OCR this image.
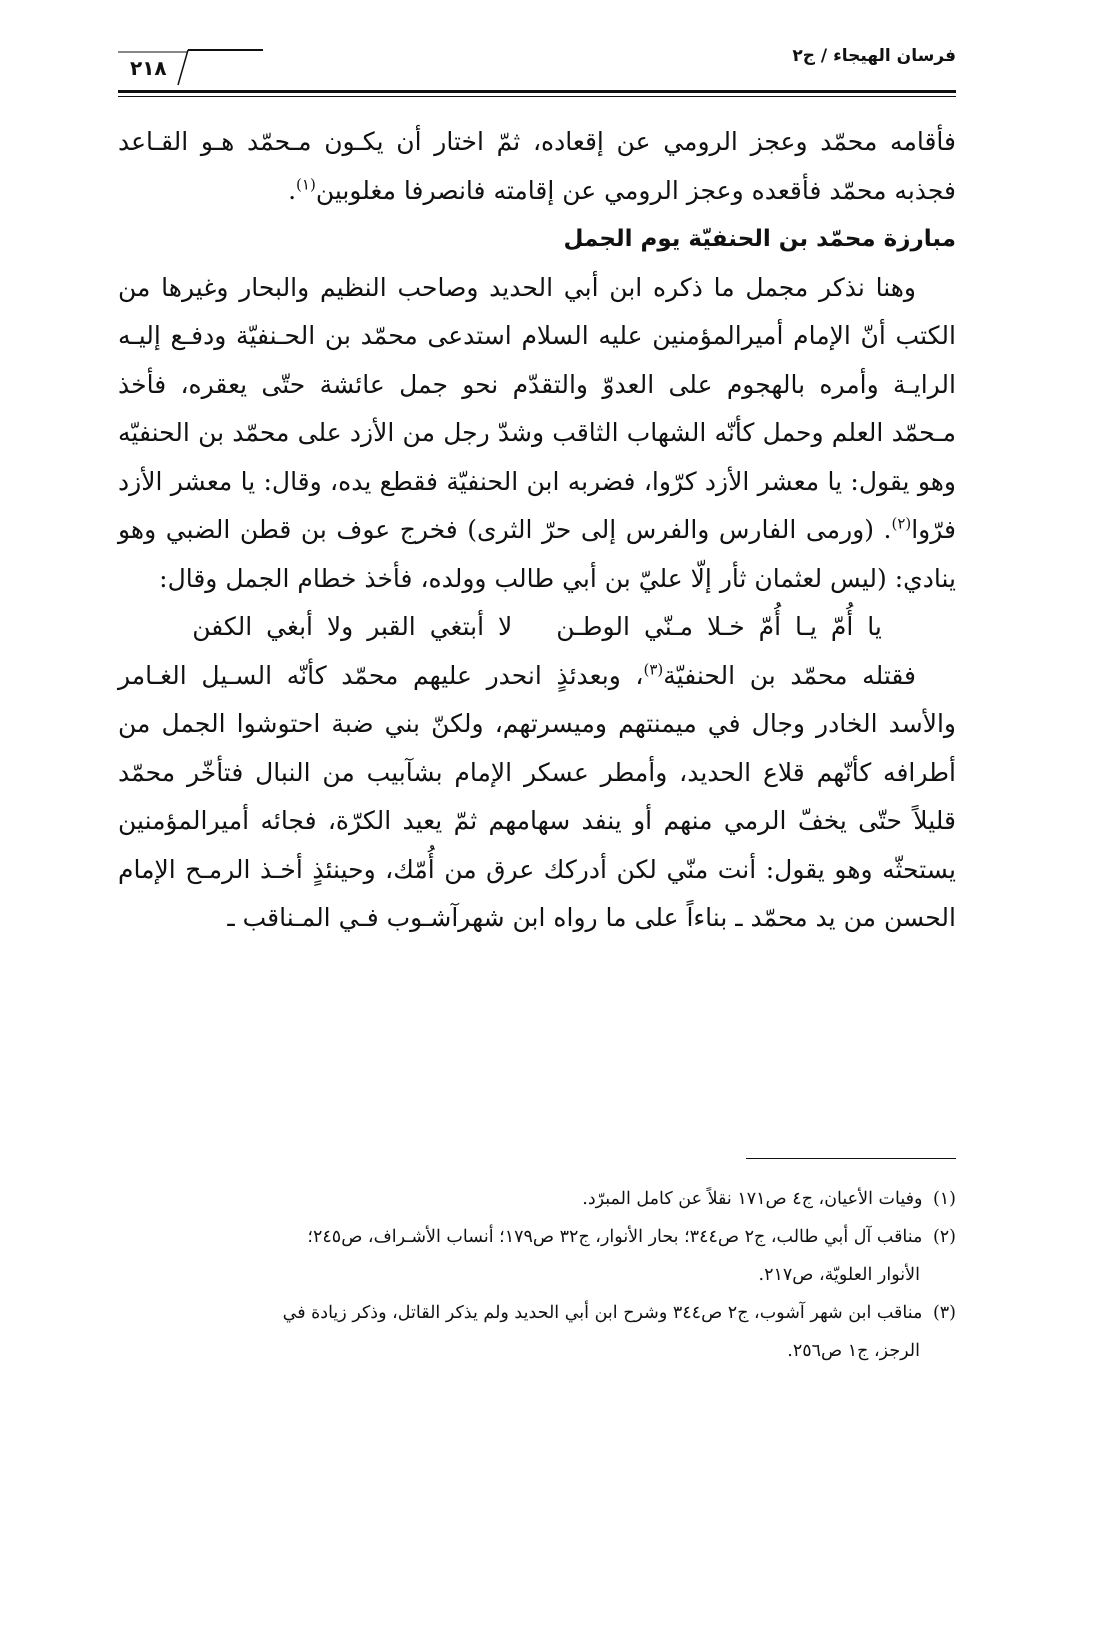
فرسان الهيجاء / ج٢
٢١٨

فأقامه محمّد وعجز الرومي عن إقعاده، ثمّ اختار أن يكـون مـحمّد هـو القـاعد فجذبه محمّد فأقعده وعجز الرومي عن إقامته فانصرفا مغلوبين$^{(١)}$.

مبارزة محمّد بن الحنفيّة يوم الجمل

وهنا نذكر مجمل ما ذكره ابن أبي الحديد وصاحب النظيم والبحار وغيرها من الكتب أنّ الإمام أميرالمؤمنين عليه السلام استدعى محمّد بن الحـنفيّة ودفـع إليـه الرايـة وأمره بالهجوم على العدوّ والتقدّم نحو جمل عائشة حتّى يعقره، فأخذ مـحمّد العلم وحمل كأنّه الشهاب الثاقب وشدّ رجل من الأزد على محمّد بن الحنفيّه وهو يقول: يا معشر الأزد كرّوا، فضربه ابن الحنفيّة فقطع يده، وقال: يا معشر الأزد فرّوا$^{(٢)}$. (ورمى الفارس والفرس إلى حرّ الثرى) فخرج عوف بن قطن الضبي وهو ينادي: (ليس لعثمان ثأر إلّا عليّ بن أبي طالب وولده، فأخذ خطام الجمل وقال:

يا أُمّ يـا أُمّ خـلا مـنّي الوطـنلا أبتغي القبر ولا أبغي الكفن

فقتله محمّد بن الحنفيّة$^{(٣)}$، وبعدئذٍ انحدر عليهم محمّد كأنّه السـيل الغـامر والأسد الخادر وجال في ميمنتهم وميسرتهم، ولكنّ بني ضبة احتوشوا الجمل من أطرافه كأنّهم قلاع الحديد، وأمطر عسكر الإمام بشآبيب من النبال فتأخّر محمّد قليلاً حتّى يخفّ الرمي منهم أو ينفد سهامهم ثمّ يعيد الكرّة، فجائه أميرالمؤمنين يستحثّه وهو يقول: أنت منّي لكن أدركك عرق من أُمّك، وحينئذٍ أخـذ الرمـح الإمام الحسن من يد محمّد ـ بناءاً على ما رواه ابن شهرآشـوب فـي المـناقب ـ

(١) وفيات الأعيان، ج٤ ص١٧١ نقلاً عن كامل المبرّد.

(٢) مناقب آل أبي طالب، ج٢ ص٣٤٤؛ بحار الأنوار، ج٣٢ ص١٧٩؛ أنساب الأشـراف، ص٢٤٥؛

الأنوار العلويّة، ص٢١٧.

(٣) مناقب ابن شهر آشوب، ج٢ ص٣٤٤ وشرح ابن أبي الحديد ولم يذكر القاتل، وذكر زيادة في

الرجز، ج١ ص٢٥٦.
